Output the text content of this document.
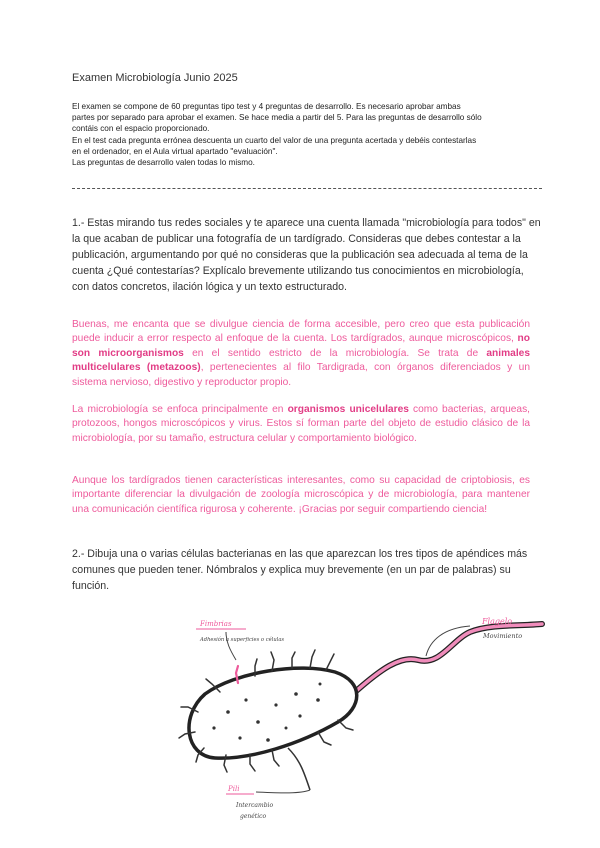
Examen Microbiología Junio 2025
El examen se compone de 60 preguntas tipo test y 4 preguntas de desarrollo. Es necesario aprobar ambas
partes por separado para aprobar el examen. Se hace media a partir del 5. Para las preguntas de desarrollo sólo
contáis con el espacio proporcionado.
En el test cada pregunta errónea descuenta un cuarto del valor de una pregunta acertada y debéis contestarlas
en el ordenador, en el Aula virtual apartado "evaluación".
Las preguntas de desarrollo valen todas lo mismo.
1.- Estas mirando tus redes sociales y te aparece una cuenta llamada "microbiología para todos" en la que acaban de publicar una fotografía de un tardígrado. Consideras que debes contestar a la publicación, argumentando por qué no consideras que la publicación sea adecuada al tema de la cuenta ¿Qué contestarías? Explícalo brevemente utilizando tus conocimientos en microbiología, con datos concretos, ilación lógica y un texto estructurado.
Buenas, me encanta que se divulgue ciencia de forma accesible, pero creo que esta publicación puede inducir a error respecto al enfoque de la cuenta. Los tardígrados, aunque microscópicos, no son microorganismos en el sentido estricto de la microbiología. Se trata de animales multicelulares (metazoos), pertenecientes al filo Tardigrada, con órganos diferenciados y un sistema nervioso, digestivo y reproductor propio.
La microbiología se enfoca principalmente en organismos unicelulares como bacterias, arqueas, protozoos, hongos microscópicos y virus. Estos sí forman parte del objeto de estudio clásico de la microbiología, por su tamaño, estructura celular y comportamiento biológico.
Aunque los tardígrados tienen características interesantes, como su capacidad de criptobiosis, es importante diferenciar la divulgación de zoología microscópica y de microbiología, para mantener una comunicación científica rigurosa y coherente. ¡Gracias por seguir compartiendo ciencia!
2.- Dibuja una o varias células bacterianas en las que aparezcan los tres tipos de apéndices más comunes que pueden tener. Nómbralos y explica muy brevemente (en un par de palabras) su función.
Fimbrias
Adhesión a superficies o células
Flagelo
Movimiento
Pili
Intercambio
genético
